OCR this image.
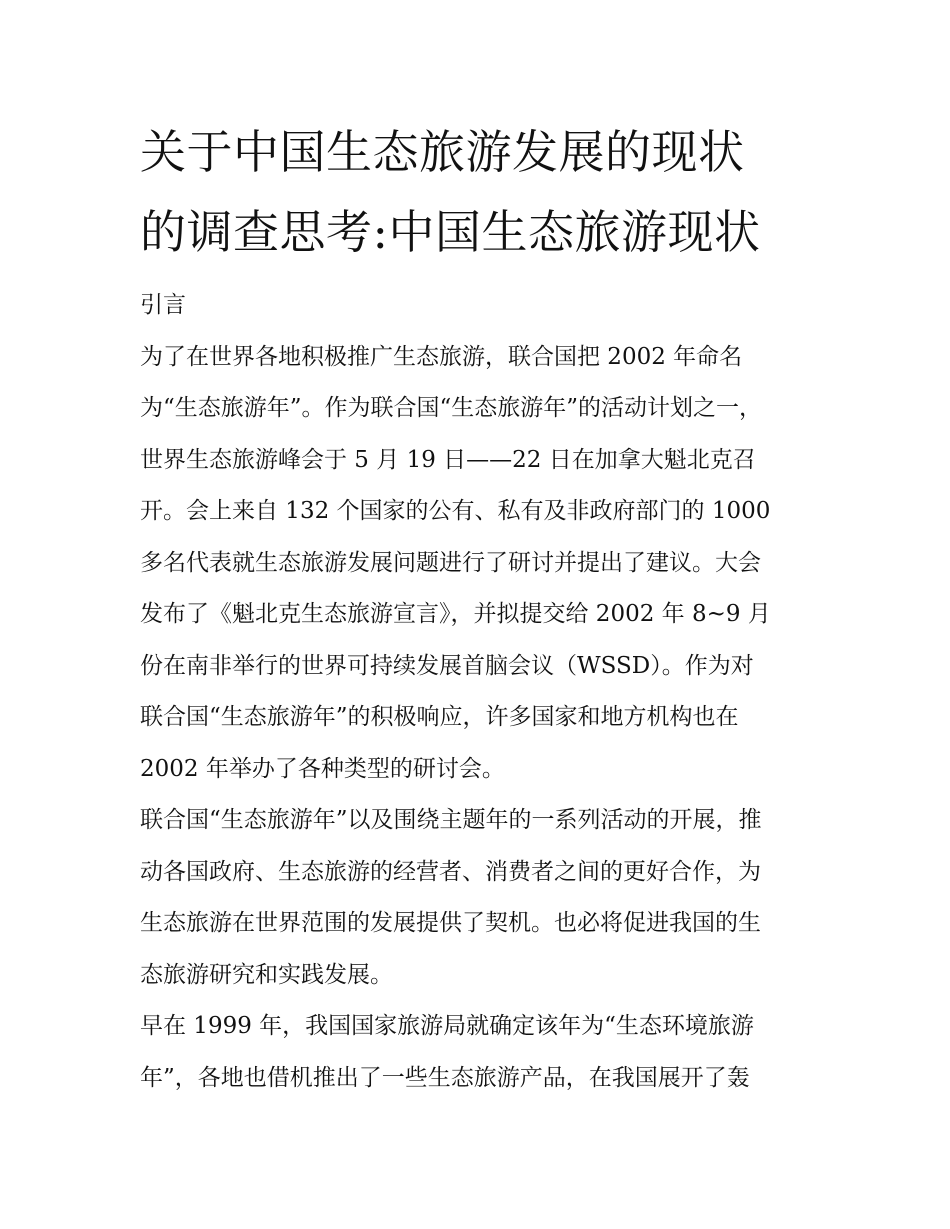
关于中国生态旅游发展的现状
的调查思考:中国生态旅游现状
引言
为了在世界各地积极推广生态旅游，联合国把 2002 年命名
为“生态旅游年”。作为联合国“生态旅游年”的活动计划之一，
世界生态旅游峰会于 5 月 19 日——22 日在加拿大魁北克召
开。会上来自 132 个国家的公有、私有及非政府部门的 1000
多名代表就生态旅游发展问题进行了研讨并提出了建议。大会
发布了《魁北克生态旅游宣言》，并拟提交给 2002 年 8~9 月
份在南非举行的世界可持续发展首脑会议（WSSD）。作为对
联合国“生态旅游年”的积极响应，许多国家和地方机构也在
2002 年举办了各种类型的研讨会。
联合国“生态旅游年”以及围绕主题年的一系列活动的开展，推
动各国政府、生态旅游的经营者、消费者之间的更好合作，为
生态旅游在世界范围的发展提供了契机。也必将促进我国的生
态旅游研究和实践发展。
早在 1999 年，我国国家旅游局就确定该年为“生态环境旅游
年”，各地也借机推出了一些生态旅游产品，在我国展开了轰
